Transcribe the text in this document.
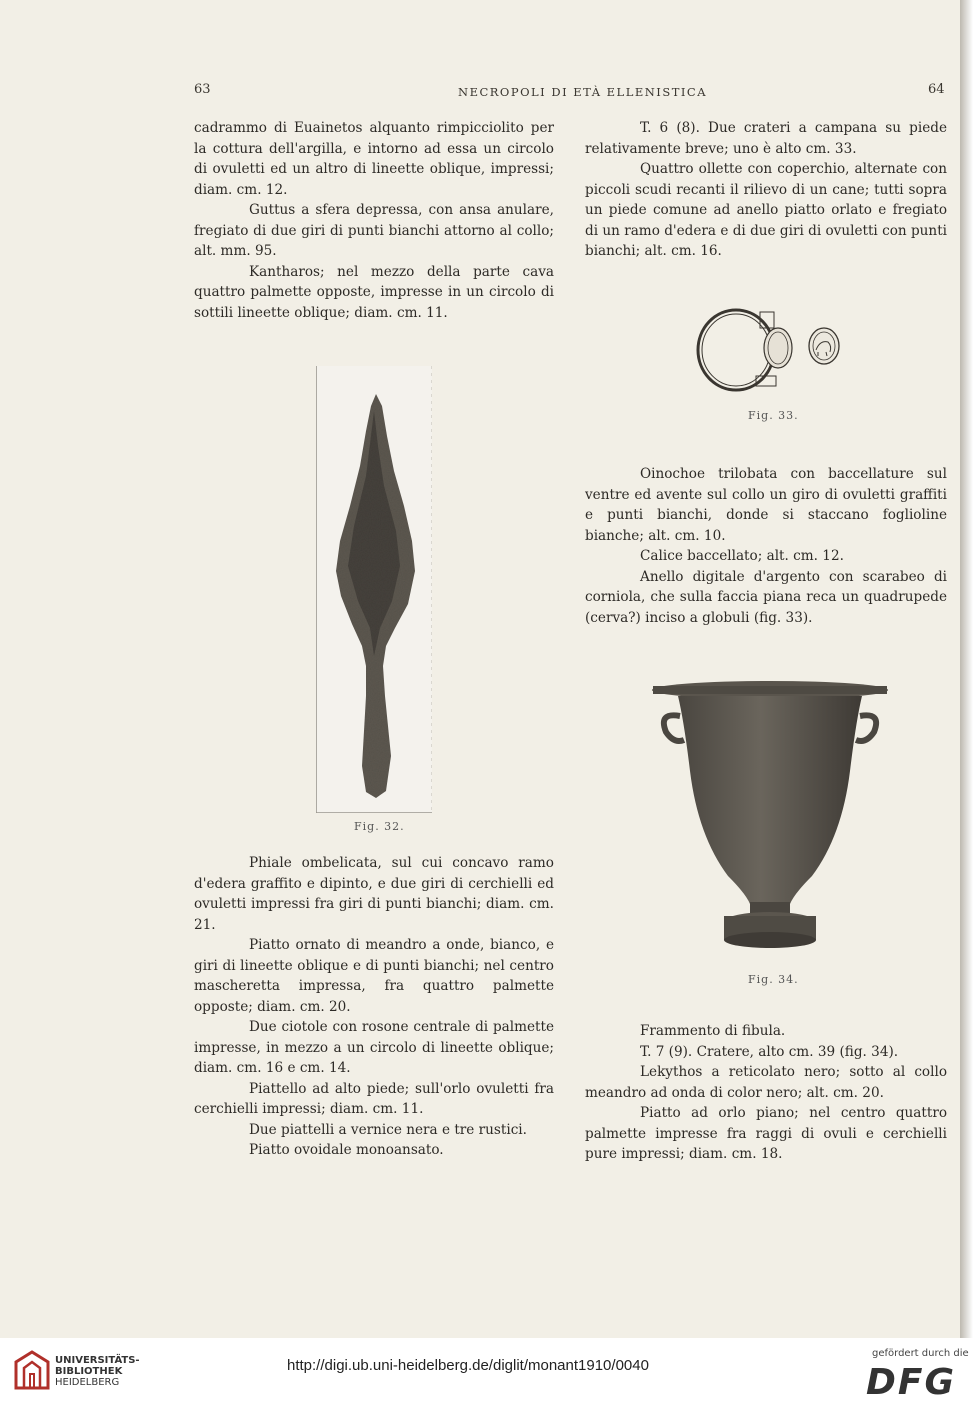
63	NECROPOLI DI ETÀ ELLENISTICA	64

cadrammo di Euainetos alquanto rimpicciolito per la cottura dell'argilla, e intorno ad essa un circolo di ovuletti ed un altro di lineette oblique, impressi; diam. cm. 12.

Guttus a sfera depressa, con ansa anulare, fregiato di due giri di punti bianchi attorno al collo; alt. mm. 95.

Kantharos; nel mezzo della parte cava quattro palmette opposte, impresse in un circolo di sottili lineette oblique; diam. cm. 11.

Fig. 32.

Phiale ombelicata, sul cui concavo ramo d'edera graffito e dipinto, e due giri di cerchielli ed ovuletti impressi fra giri di punti bianchi; diam. cm. 21.

Piatto ornato di meandro a onde, bianco, e giri di lineette oblique e di punti bianchi; nel centro mascheretta impressa, fra quattro palmette opposte; diam. cm. 20.

Due ciotole con rosone centrale di palmette impresse, in mezzo a un circolo di lineette oblique; diam. cm. 16 e cm. 14.

Piattello ad alto piede; sull'orlo ovuletti fra cerchielli impressi; diam. cm. 11.

Due piattelli a vernice nera e tre rustici.

Piatto ovoidale monoansato.

T. 6 (8). Due crateri a campana su piede relativamente breve; uno è alto cm. 33.

Quattro ollette con coperchio, alternate con piccoli scudi recanti il rilievo di un cane; tutti sopra un piede comune ad anello piatto orlato e fregiato di un ramo d'edera e di due giri di ovuletti con punti bianchi; alt. cm. 16.

Fig. 33.

Oinochoe trilobata con baccellature sul ventre ed avente sul collo un giro di ovuletti graffiti e punti bianchi, donde si staccano foglioline bianche; alt. cm. 10.

Calice baccellato; alt. cm. 12.

Anello digitale d'argento con scarabeo di corniola, che sulla faccia piana reca un quadrupede (cerva?) inciso a globuli (fig. 33).

Fig. 34.

Frammento di fibula.

T. 7 (9). Cratere, alto cm. 39 (fig. 34).

Lekythos a reticolato nero; sotto al collo meandro ad onda di color nero; alt. cm. 20.

Piatto ad orlo piano; nel centro quattro palmette impresse fra raggi di ovuli e cerchielli pure impressi; diam. cm. 18.

UNIVERSITÄTS-
BIBLIOTHEK
HEIDELBERG
http://digi.ub.uni-heidelberg.de/diglit/monant1910/0040
gefördert durch die
DFG
